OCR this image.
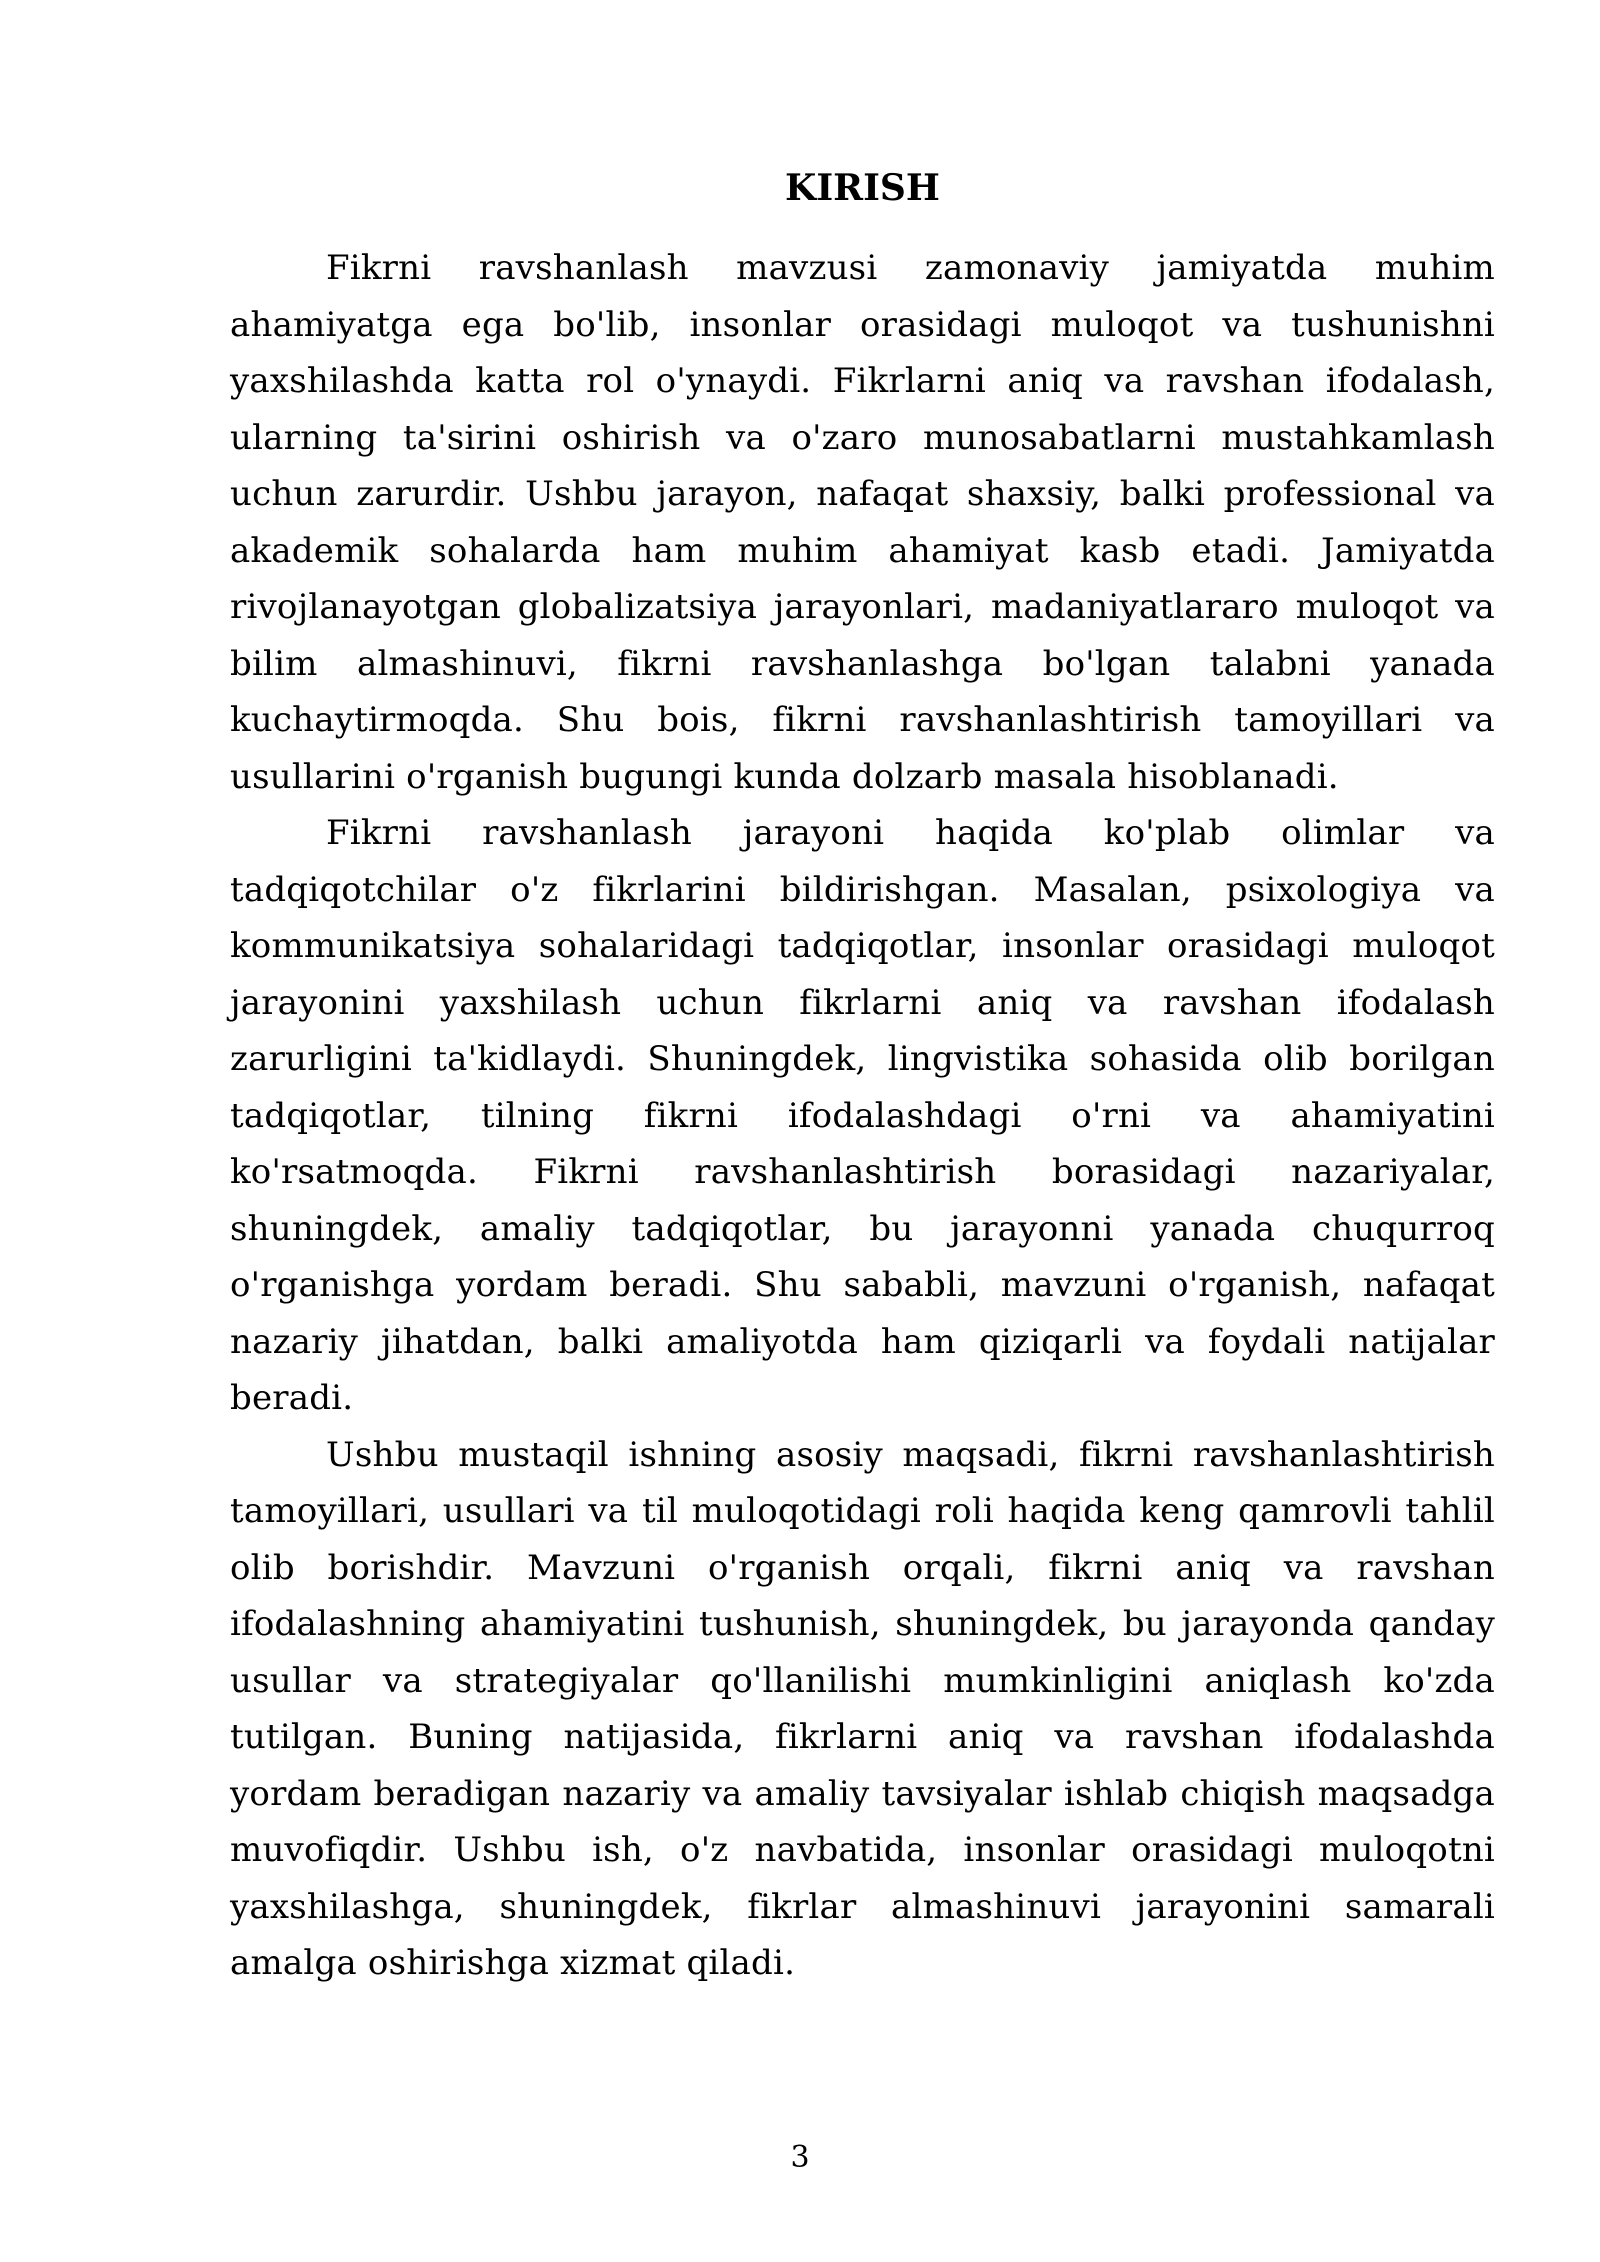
KIRISH

Fikrni ravshanlash mavzusi zamonaviy jamiyatda muhim ahamiyatga ega bo'lib, insonlar orasidagi muloqot va tushunishni yaxshilashda katta rol o'ynaydi. Fikrlarni aniq va ravshan ifodalash, ularning ta'sirini oshirish va o'zaro munosabatlarni mustahkamlash uchun zarurdir. Ushbu jarayon, nafaqat shaxsiy, balki professional va akademik sohalarda ham muhim ahamiyat kasb etadi. Jamiyatda rivojlanayotgan globalizatsiya jarayonlari, madaniyatlararo muloqot va bilim almashinuvi, fikrni ravshanlashga bo'lgan talabni yanada kuchaytirmoqda. Shu bois, fikrni ravshanlashtirish tamoyillari va usullarini o'rganish bugungi kunda dolzarb masala hisoblanadi.

Fikrni ravshanlash jarayoni haqida ko'plab olimlar va tadqiqotchilar o'z fikrlarini bildirishgan. Masalan, psixologiya va kommunikatsiya sohalaridagi tadqiqotlar, insonlar orasidagi muloqot jarayonini yaxshilash uchun fikrlarni aniq va ravshan ifodalash zarurligini ta'kidlaydi. Shuningdek, lingvistika sohasida olib borilgan tadqiqotlar, tilning fikrni ifodalashdagi o'rni va ahamiyatini ko'rsatmoqda. Fikrni ravshanlashtirish borasidagi nazariyalar, shuningdek, amaliy tadqiqotlar, bu jarayonni yanada chuqurroq o'rganishga yordam beradi. Shu sababli, mavzuni o'rganish, nafaqat nazariy jihatdan, balki amaliyotda ham qiziqarli va foydali natijalar beradi.

Ushbu mustaqil ishning asosiy maqsadi, fikrni ravshanlashtirish tamoyillari, usullari va til muloqotidagi roli haqida keng qamrovli tahlil olib borishdir. Mavzuni o'rganish orqali, fikrni aniq va ravshan ifodalashning ahamiyatini tushunish, shuningdek, bu jarayonda qanday usullar va strategiyalar qo'llanilishi mumkinligini aniqlash ko'zda tutilgan. Buning natijasida, fikrlarni aniq va ravshan ifodalashda yordam beradigan nazariy va amaliy tavsiyalar ishlab chiqish maqsadga muvofiqdir. Ushbu ish, o'z navbatida, insonlar orasidagi muloqotni yaxshilashga, shuningdek, fikrlar almashinuvi jarayonini samarali amalga oshirishga xizmat qiladi.

3
